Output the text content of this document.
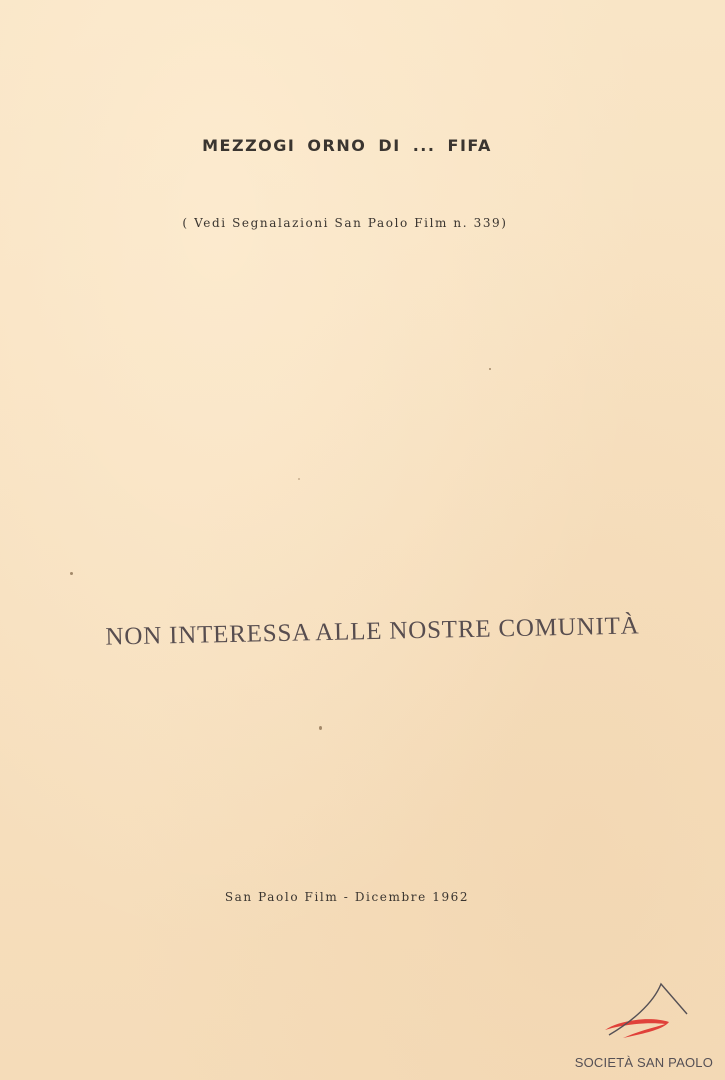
MEZZOGI ORNO DI ... FIFA
( Vedi Segnalazioni San Paolo Film n. 339)
NON INTERESSA ALLE NOSTRE COMUNITÀ
San Paolo Film - Dicembre 1962
SOCIETÀ SAN PAOLO
